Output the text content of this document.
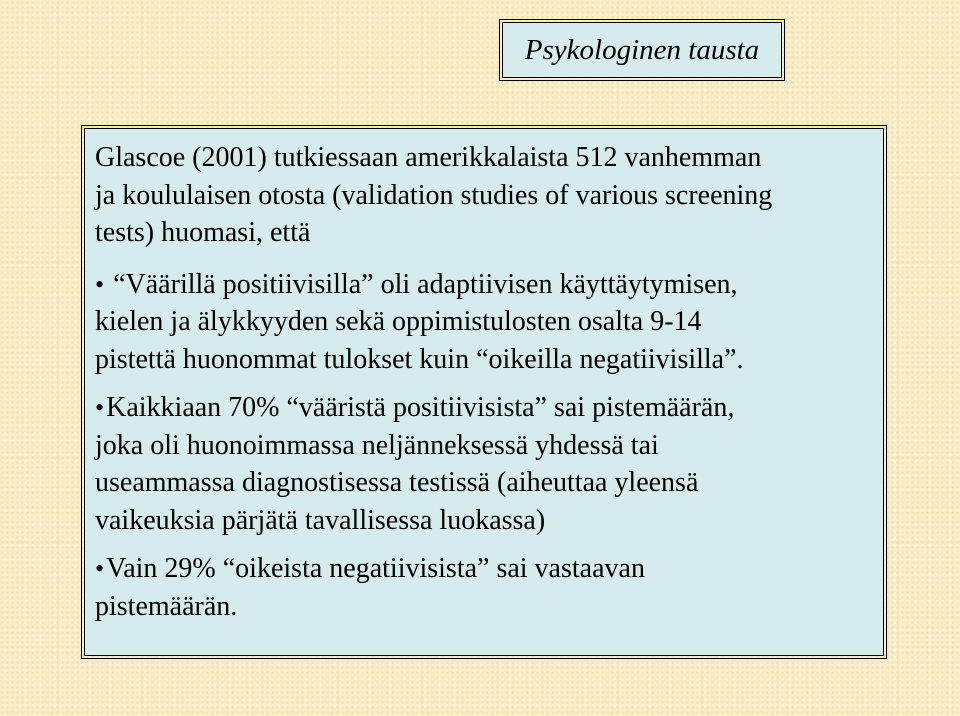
Psykologinen tausta

Glascoe (2001) tutkiessaan amerikkalaista 512 vanhemman
ja koululaisen otosta (validation studies of various screening
tests) huomasi, että

• “Väärillä positiivisilla” oli adaptiivisen käyttäytymisen,
kielen ja älykkyyden sekä oppimistulosten osalta 9-14
pistettä huonommat tulokset kuin “oikeilla negatiivisilla”.

•Kaikkiaan 70% “vääristä positiivisista” sai pistemäärän,
joka oli huonoimmassa neljänneksessä yhdessä tai
useammassa diagnostisessa testissä (aiheuttaa yleensä
vaikeuksia pärjätä tavallisessa luokassa)

•Vain 29% “oikeista negatiivisista” sai vastaavan
pistemäärän.
